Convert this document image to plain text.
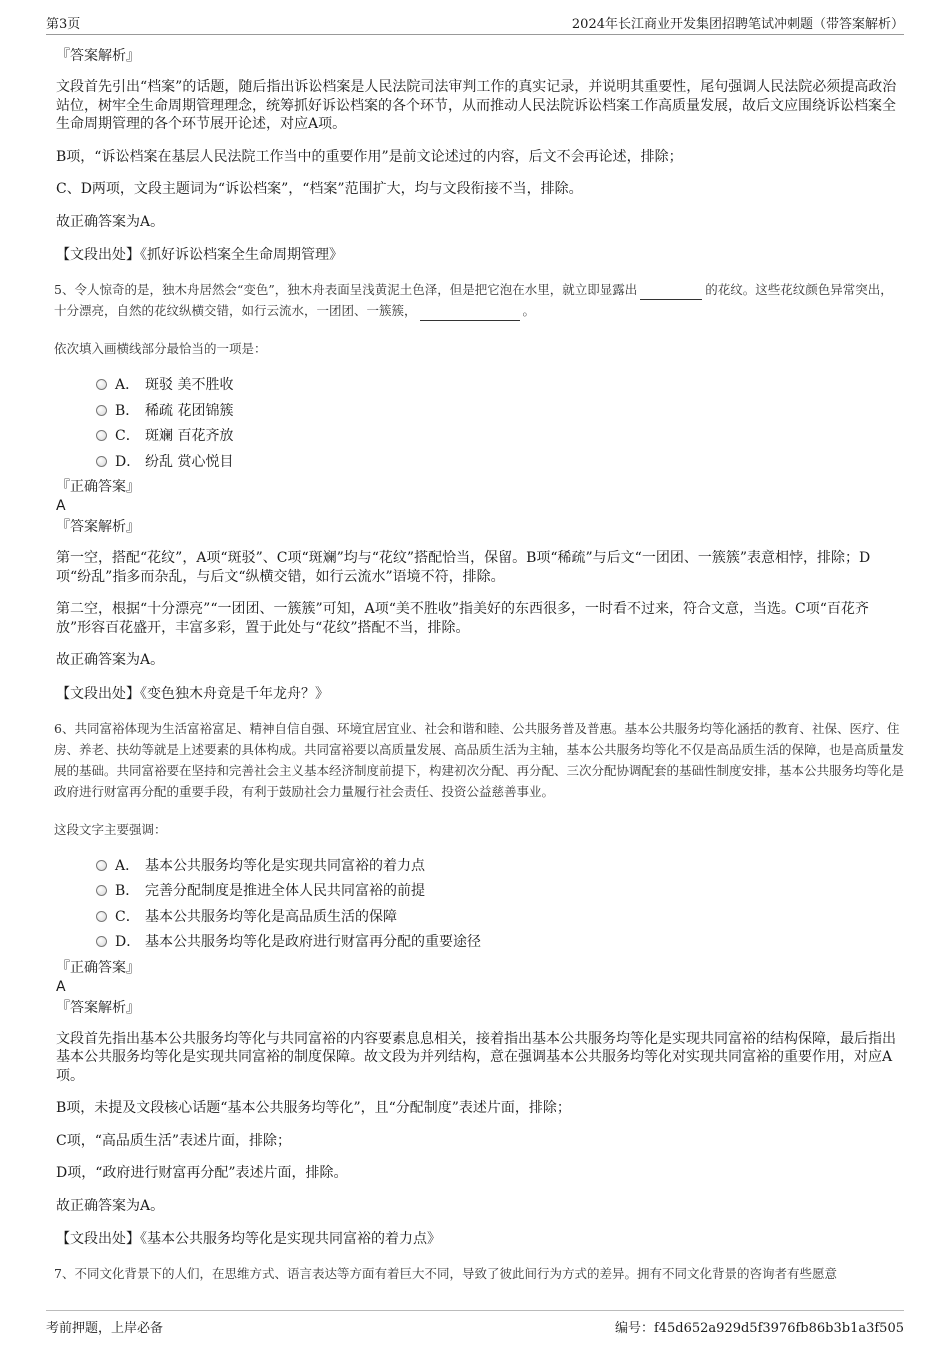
第3页	2024年长江商业开发集团招聘笔试冲刺题（带答案解析）
『答案解析』
文段首先引出“档案”的话题，随后指出诉讼档案是人民法院司法审判工作的真实记录，并说明其重要性，尾句强调人民法院必须提高政治站位，树牢全生命周期管理理念，统筹抓好诉讼档案的各个环节，从而推动人民法院诉讼档案工作高质量发展，故后文应围绕诉讼档案全生命周期管理的各个环节展开论述，对应A项。
B项，“诉讼档案在基层人民法院工作当中的重要作用”是前文论述过的内容，后文不会再论述，排除；
C、D两项，文段主题词为“诉讼档案”，“档案”范围扩大，均与文段衔接不当，排除。
故正确答案为A。
【文段出处】《抓好诉讼档案全生命周期管理》
5、令人惊奇的是，独木舟居然会“变色”，独木舟表面呈浅黄泥土色泽，但是把它泡在水里，就立即显露出	的花纹。这些花纹颜色异常突出，十分漂亮，自然的花纹纵横交错，如行云流水，一团团、一簇簇，	。
依次填入画横线部分最恰当的一项是：
A． 斑驳 美不胜收
B． 稀疏 花团锦簇
C． 斑斓 百花齐放
D． 纷乱 赏心悦目
『正确答案』
A
『答案解析』
第一空，搭配“花纹”，A项“斑驳”、C项“斑斓”均与“花纹”搭配恰当，保留。B项“稀疏”与后文“一团团、一簇簇”表意相悖，排除；D项“纷乱”指多而杂乱，与后文“纵横交错，如行云流水”语境不符，排除。
第二空，根据“十分漂亮”“一团团、一簇簇”可知，A项“美不胜收”指美好的东西很多，一时看不过来，符合文意，当选。C项“百花齐放”形容百花盛开，丰富多彩，置于此处与“花纹”搭配不当，排除。
故正确答案为A。
【文段出处】《变色独木舟竟是千年龙舟？》
6、共同富裕体现为生活富裕富足、精神自信自强、环境宜居宜业、社会和谐和睦、公共服务普及普惠。基本公共服务均等化涵括的教育、社保、医疗、住房、养老、扶幼等就是上述要素的具体构成。共同富裕要以高质量发展、高品质生活为主轴，基本公共服务均等化不仅是高品质生活的保障，也是高质量发展的基础。共同富裕要在坚持和完善社会主义基本经济制度前提下，构建初次分配、再分配、三次分配协调配套的基础性制度安排，基本公共服务均等化是政府进行财富再分配的重要手段，有利于鼓励社会力量履行社会责任、投资公益慈善事业。
这段文字主要强调：
A． 基本公共服务均等化是实现共同富裕的着力点
B． 完善分配制度是推进全体人民共同富裕的前提
C． 基本公共服务均等化是高品质生活的保障
D． 基本公共服务均等化是政府进行财富再分配的重要途径
『正确答案』
A
『答案解析』
文段首先指出基本公共服务均等化与共同富裕的内容要素息息相关，接着指出基本公共服务均等化是实现共同富裕的结构保障，最后指出基本公共服务均等化是实现共同富裕的制度保障。故文段为并列结构，意在强调基本公共服务均等化对实现共同富裕的重要作用，对应A项。
B项，未提及文段核心话题“基本公共服务均等化”，且“分配制度”表述片面，排除；
C项，“高品质生活”表述片面，排除；
D项，“政府进行财富再分配”表述片面，排除。
故正确答案为A。
【文段出处】《基本公共服务均等化是实现共同富裕的着力点》
7、不同文化背景下的人们，在思维方式、语言表达等方面有着巨大不同，导致了彼此间行为方式的差异。拥有不同文化背景的咨询者有些愿意
考前押题，上岸必备	编号：f45d652a929d5f3976fb86b3b1a3f505
